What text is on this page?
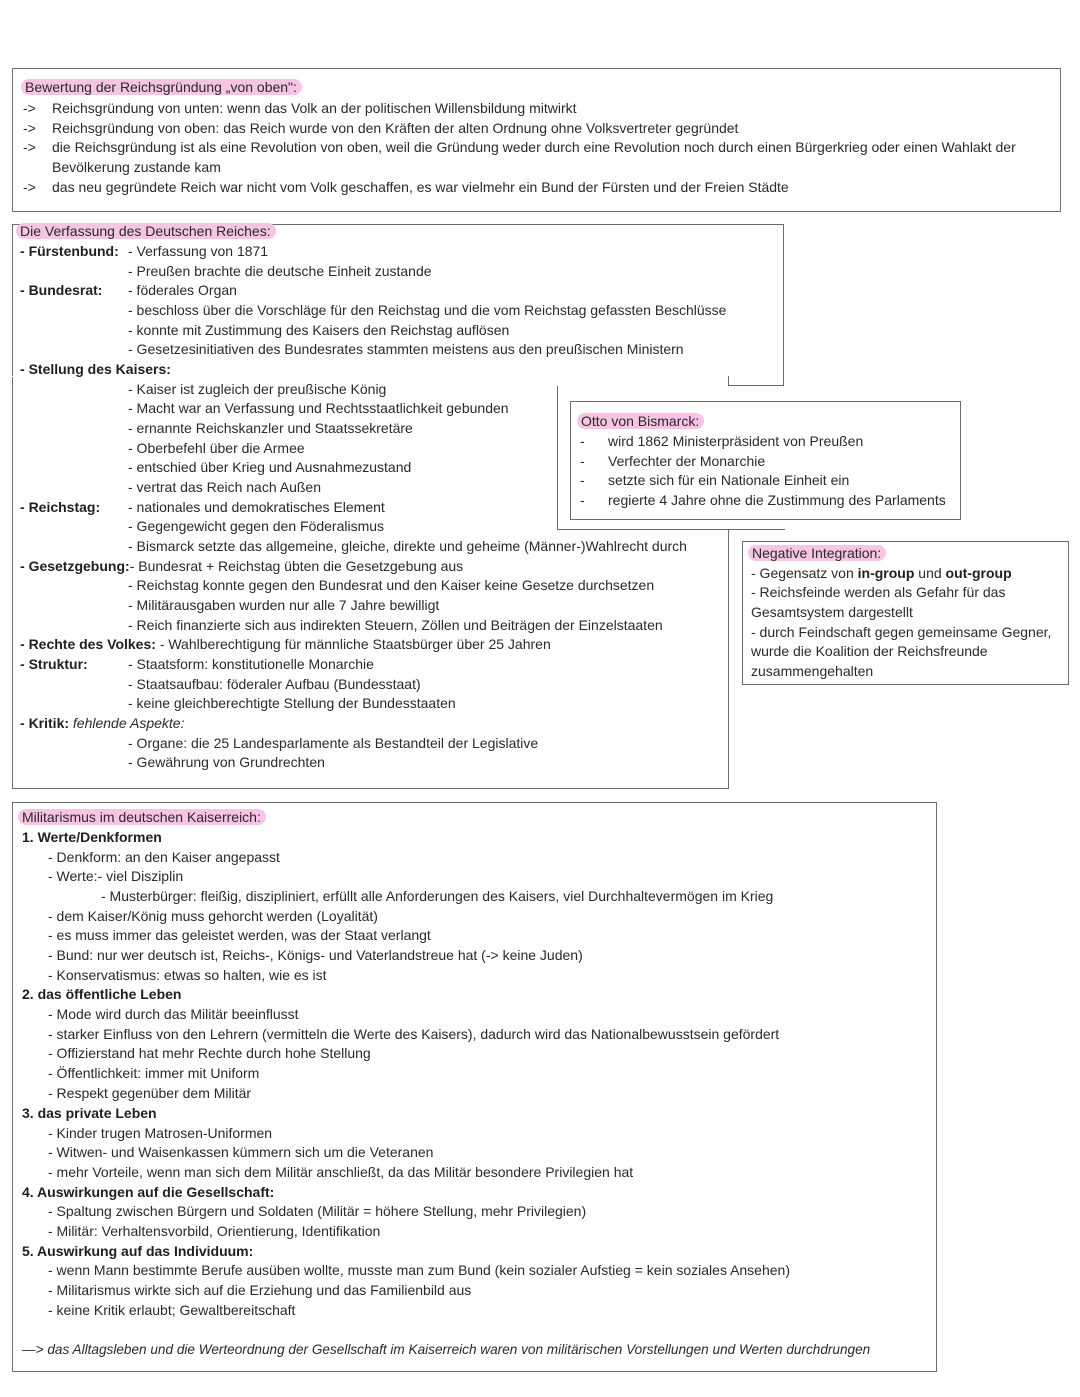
Bewertung der Reichsgründung „von oben":
->	Reichsgründung von unten: wenn das Volk an der politischen Willensbildung mitwirkt
->	Reichsgründung von oben: das Reich wurde von den Kräften der alten Ordnung ohne Volksvertreter gegründet
->	die Reichsgründung ist als eine Revolution von oben, weil die Gründung weder durch eine Revolution noch durch einen Bürgerkrieg oder einen Wahlakt der
Bevölkerung zustande kam
->	das neu gegründete Reich war nicht vom Volk geschaffen, es war vielmehr ein Bund der Fürsten und der Freien Städte
Die Verfassung des Deutschen Reiches:
- Fürstenbund: - Verfassung von 1871
- Preußen brachte die deutsche Einheit zustande
- Bundesrat: - föderales Organ
- beschloss über die Vorschläge für den Reichstag und die vom Reichstag gefassten Beschlüsse
- konnte mit Zustimmung des Kaisers den Reichstag auflösen
- Gesetzesinitiativen des Bundesrates stammten meistens aus den preußischen Ministern
- Stellung des Kaisers:
- Kaiser ist zugleich der preußische König
- Macht war an Verfassung und Rechtsstaatlichkeit gebunden
- ernannte Reichskanzler und Staatssekretäre
- Oberbefehl über die Armee
- entschied über Krieg und Ausnahmezustand
- vertrat das Reich nach Außen
- Reichstag: - nationales und demokratisches Element
- Gegengewicht gegen den Föderalismus
- Bismarck setzte das allgemeine, gleiche, direkte und geheime (Männer-)Wahlrecht durch
- Gesetzgebung:- Bundesrat + Reichstag übten die Gesetzgebung aus
- Reichstag konnte gegen den Bundesrat und den Kaiser keine Gesetze durchsetzen
- Militärausgaben wurden nur alle 7 Jahre bewilligt
- Reich finanzierte sich aus indirekten Steuern, Zöllen und Beiträgen der Einzelstaaten
- Rechte des Volkes: - Wahlberechtigung für männliche Staatsbürger über 25 Jahren
- Struktur:	- Staatsform: konstitutionelle Monarchie
- Staatsaufbau: föderaler Aufbau (Bundesstaat)
- keine gleichberechtigte Stellung der Bundesstaaten
- Kritik: fehlende Aspekte:
- Organe: die 25 Landesparlamente als Bestandteil der Legislative
- Gewährung von Grundrechten
Otto von Bismarck:
- wird 1862 Ministerpräsident von Preußen
- Verfechter der Monarchie
- setzte sich für ein Nationale Einheit ein
- regierte 4 Jahre ohne die Zustimmung des Parlaments
Negative Integration:
- Gegensatz von in-group und out-group
- Reichsfeinde werden als Gefahr für das
Gesamtsystem dargestellt
- durch Feindschaft gegen gemeinsame Gegner,
wurde die Koalition der Reichsfreunde
zusammengehalten
Militarismus im deutschen Kaiserreich:
1. Werte/Denkformen
- Denkform: an den Kaiser angepasst
- Werte:- viel Disziplin
- Musterbürger: fleißig, diszipliniert, erfüllt alle Anforderungen des Kaisers, viel Durchhaltevermögen im Krieg
- dem Kaiser/König muss gehorcht werden (Loyalität)
- es muss immer das geleistet werden, was der Staat verlangt
- Bund: nur wer deutsch ist, Reichs-, Königs- und Vaterlandstreue hat (-> keine Juden)
- Konservatismus: etwas so halten, wie es ist
2. das öffentliche Leben
- Mode wird durch das Militär beeinflusst
- starker Einfluss von den Lehrern (vermitteln die Werte des Kaisers), dadurch wird das Nationalbewusstsein gefördert
- Offizierstand hat mehr Rechte durch hohe Stellung
- Öffentlichkeit: immer mit Uniform
- Respekt gegenüber dem Militär
3. das private Leben
- Kinder trugen Matrosen-Uniformen
- Witwen- und Waisenkassen kümmern sich um die Veteranen
- mehr Vorteile, wenn man sich dem Militär anschließt, da das Militär besondere Privilegien hat
4. Auswirkungen auf die Gesellschaft:
- Spaltung zwischen Bürgern und Soldaten (Militär = höhere Stellung, mehr Privilegien)
- Militär: Verhaltensvorbild, Orientierung, Identifikation
5. Auswirkung auf das Individuum:
- wenn Mann bestimmte Berufe ausüben wollte, musste man zum Bund (kein sozialer Aufstieg = kein soziales Ansehen)
- Militarismus wirkte sich auf die Erziehung und das Familienbild aus
- keine Kritik erlaubt; Gewaltbereitschaft
—> das Alltagsleben und die Werteordnung der Gesellschaft im Kaiserreich waren von militärischen Vorstellungen und Werten durchdrungen
